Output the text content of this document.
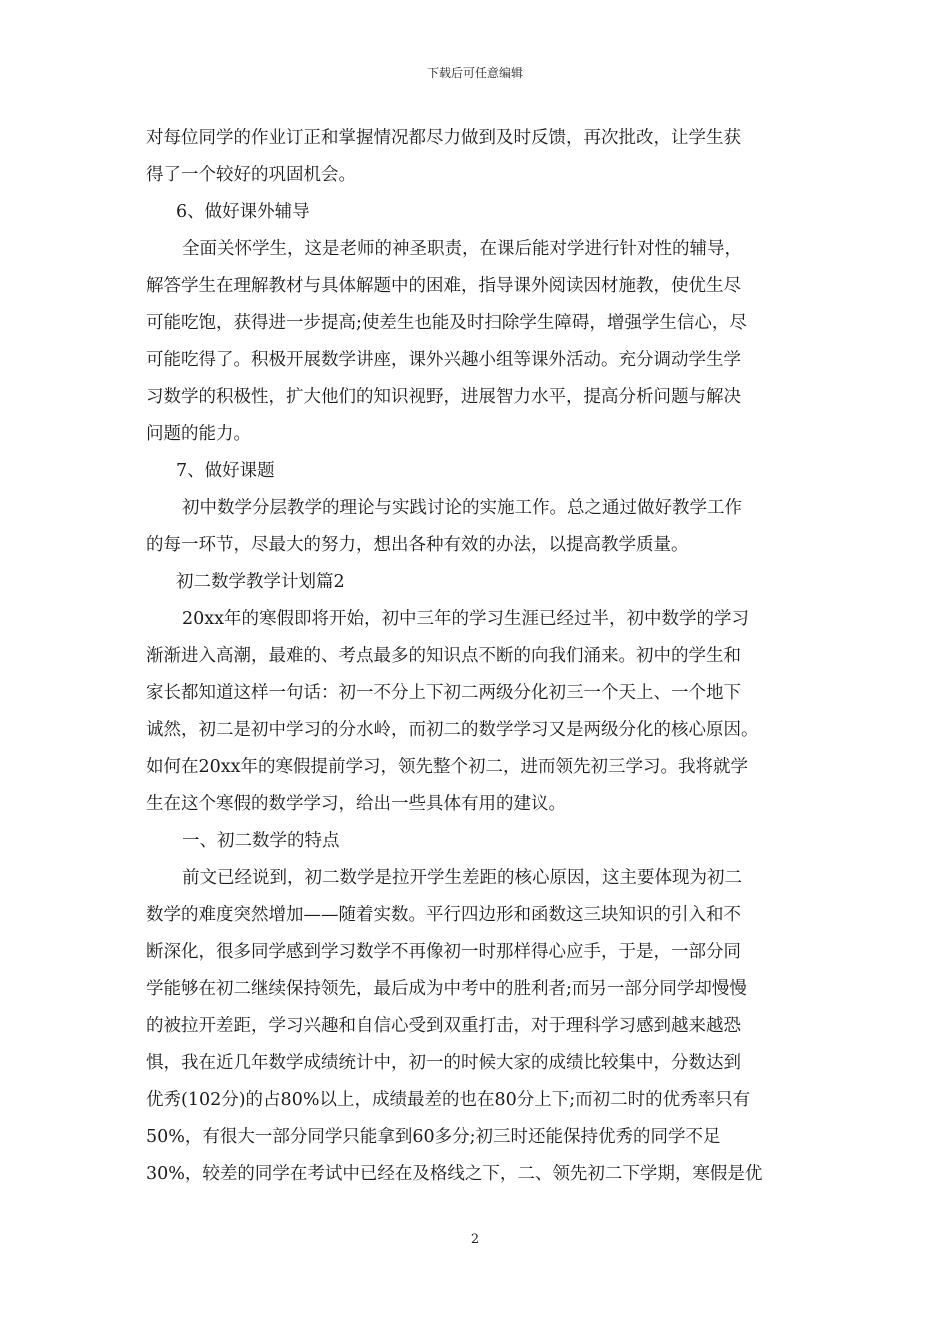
下载后可任意编辑
对每位同学的作业订正和掌握情况都尽力做到及时反馈，再次批改，让学生获
得了一个较好的巩固机会。
6、做好课外辅导
全面关怀学生，这是老师的神圣职责，在课后能对学进行针对性的辅导，
解答学生在理解教材与具体解题中的困难，指导课外阅读因材施教，使优生尽
可能吃饱，获得进一步提高;使差生也能及时扫除学生障碍，增强学生信心，尽
可能吃得了。积极开展数学讲座，课外兴趣小组等课外活动。充分调动学生学
习数学的积极性，扩大他们的知识视野，进展智力水平，提高分析问题与解决
问题的能力。
7、做好课题
初中数学分层教学的理论与实践讨论的实施工作。总之通过做好教学工作
的每一环节，尽最大的努力，想出各种有效的办法，以提高教学质量。
初二数学教学计划篇2
20xx年的寒假即将开始，初中三年的学习生涯已经过半，初中数学的学习
渐渐进入高潮，最难的、考点最多的知识点不断的向我们涌来。初中的学生和
家长都知道这样一句话：初一不分上下初二两级分化初三一个天上、一个地下
诚然，初二是初中学习的分水岭，而初二的数学学习又是两级分化的核心原因。
如何在20xx年的寒假提前学习，领先整个初二，进而领先初三学习。我将就学
生在这个寒假的数学学习，给出一些具体有用的建议。
一、初二数学的特点
前文已经说到，初二数学是拉开学生差距的核心原因，这主要体现为初二
数学的难度突然增加——随着实数。平行四边形和函数这三块知识的引入和不
断深化，很多同学感到学习数学不再像初一时那样得心应手，于是，一部分同
学能够在初二继续保持领先，最后成为中考中的胜利者;而另一部分同学却慢慢
的被拉开差距，学习兴趣和自信心受到双重打击，对于理科学习感到越来越恐
惧，我在近几年数学成绩统计中，初一的时候大家的成绩比较集中，分数达到
优秀(102分)的占80%以上，成绩最差的也在80分上下;而初二时的优秀率只有
50%，有很大一部分同学只能拿到60多分;初三时还能保持优秀的同学不足
30%，较差的同学在考试中已经在及格线之下，二、领先初二下学期，寒假是优
2
